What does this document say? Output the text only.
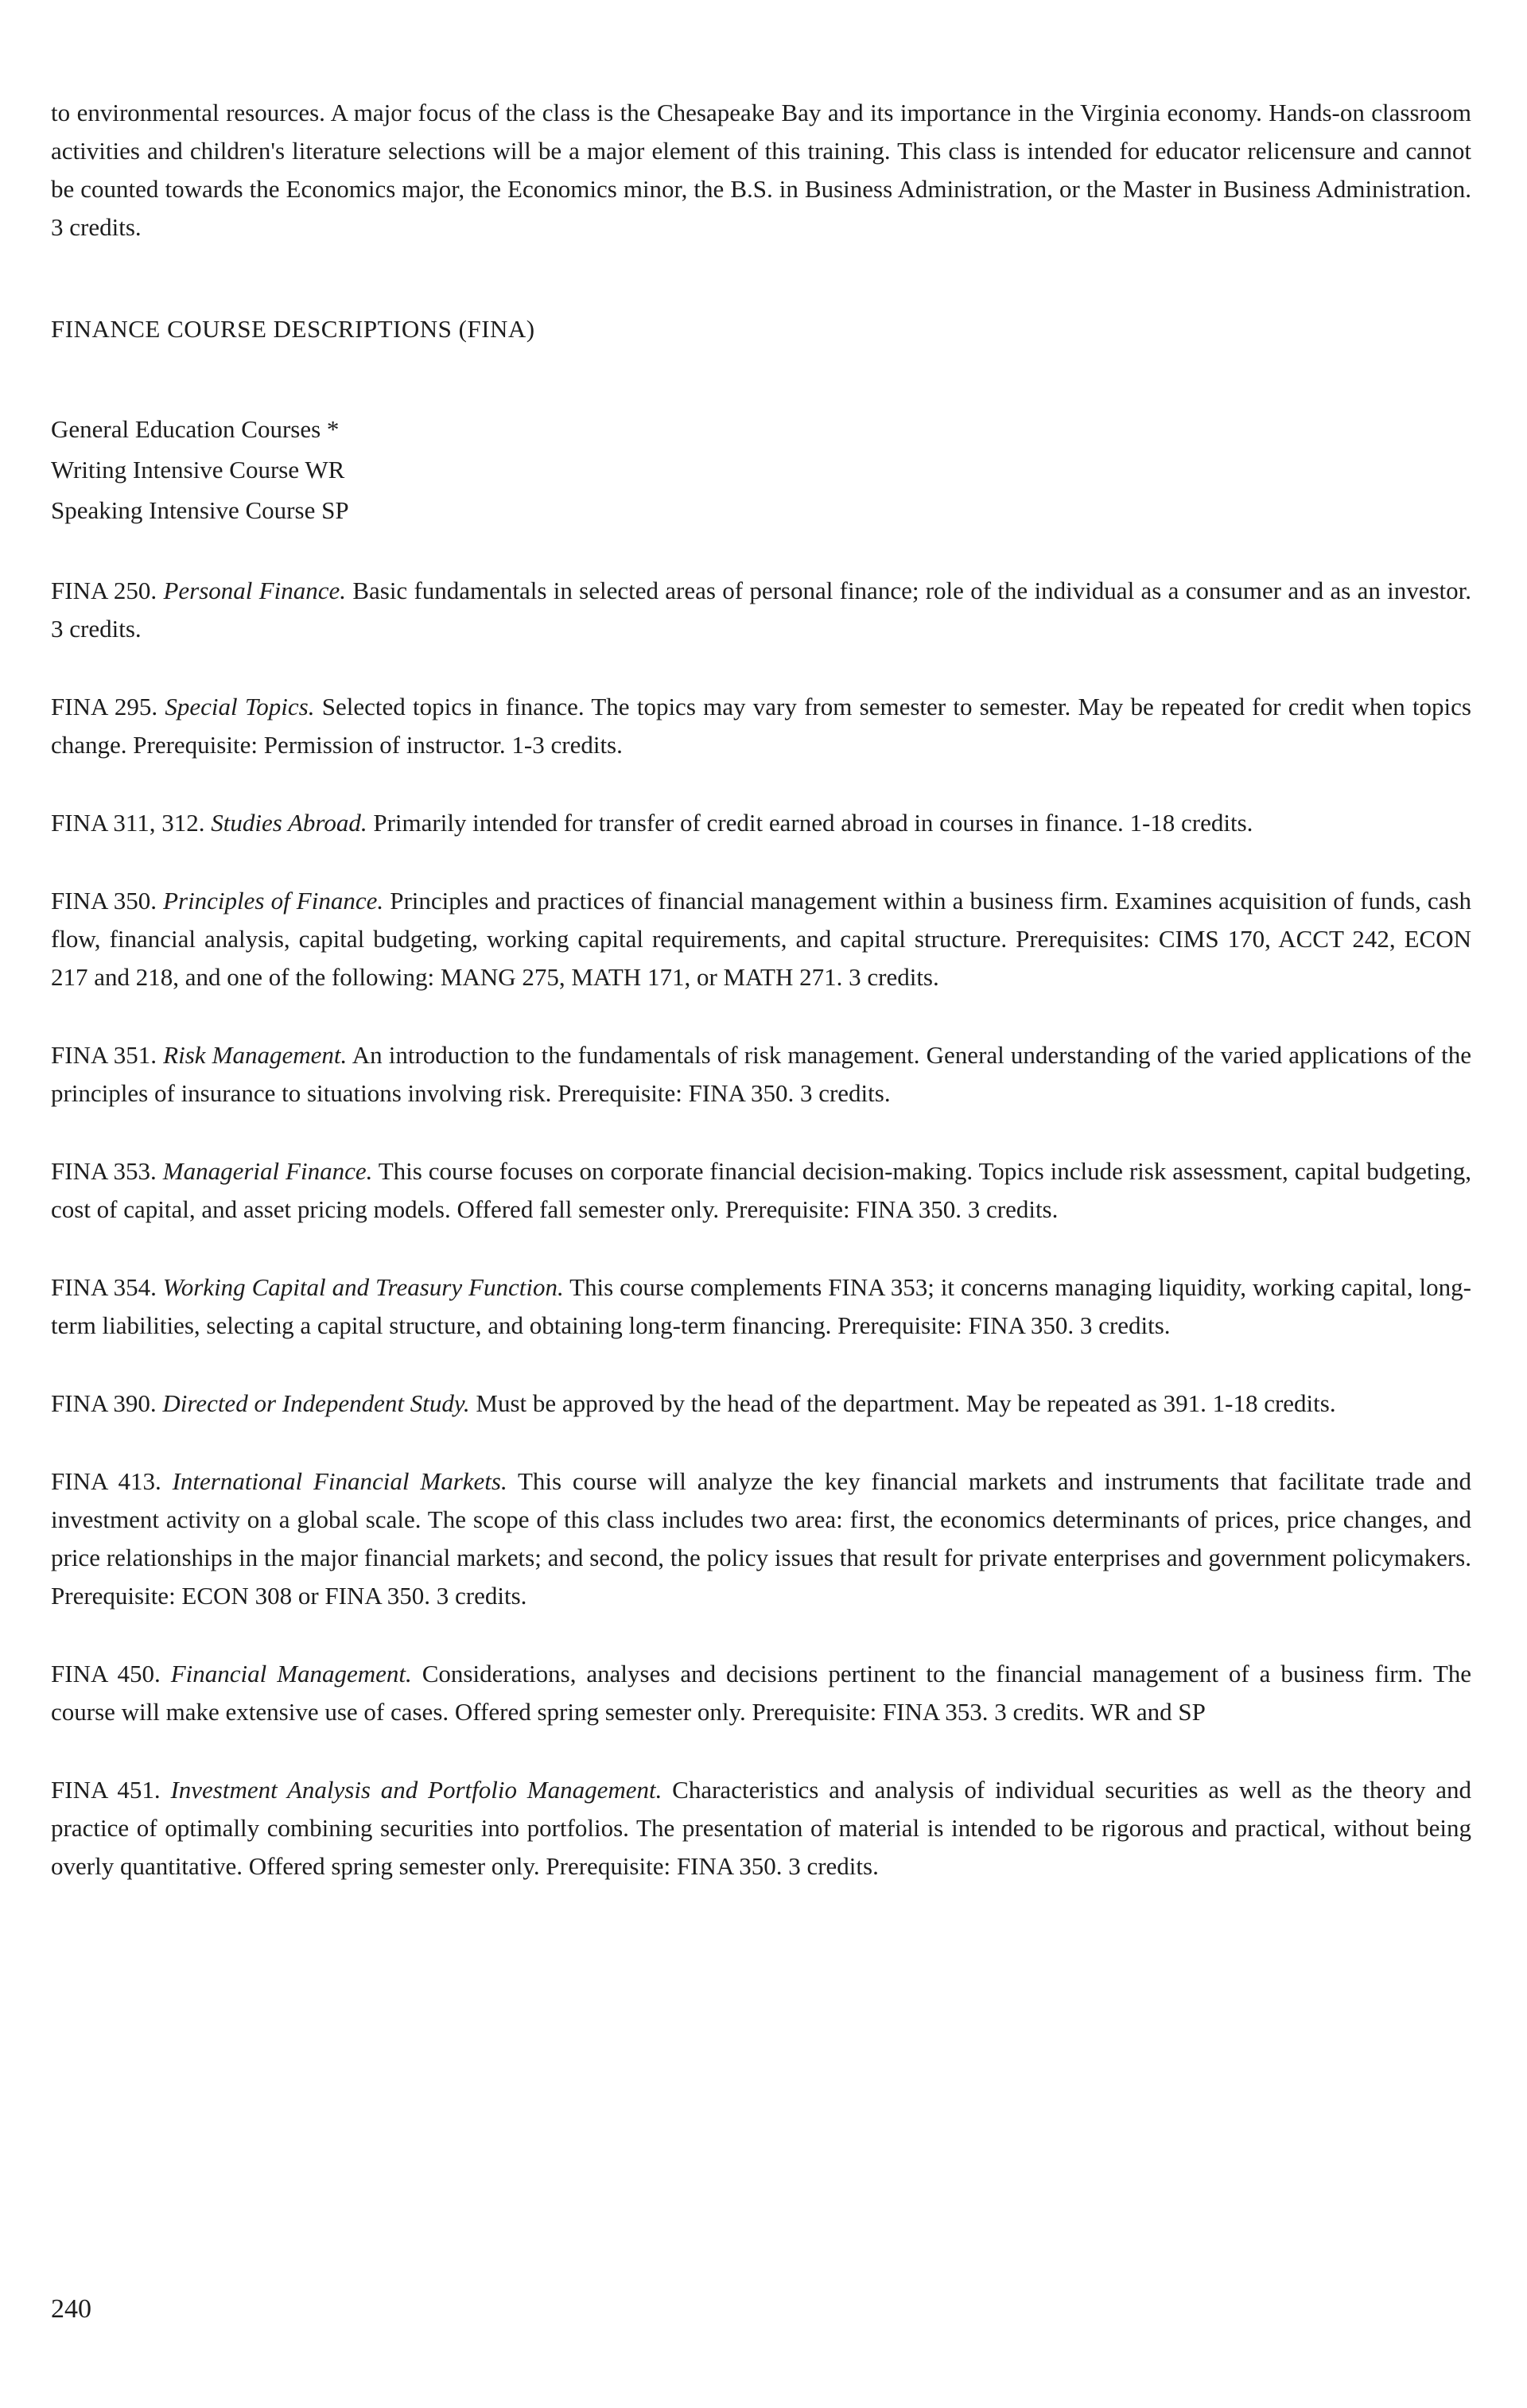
to environmental resources. A major focus of the class is the Chesapeake Bay and its importance in the Virginia economy. Hands-on classroom activities and children's literature selections will be a major element of this training. This class is intended for educator relicensure and cannot be counted towards the Economics major, the Economics minor, the B.S. in Business Administration, or the Master in Business Administration. 3 credits.

FINANCE COURSE DESCRIPTIONS (FINA)
General Education Courses *
Writing Intensive Course WR
Speaking Intensive Course SP

FINA 250. Personal Finance. Basic fundamentals in selected areas of personal finance; role of the individual as a consumer and as an investor. 3 credits.

FINA 295. Special Topics. Selected topics in finance. The topics may vary from semester to semester. May be repeated for credit when topics change. Prerequisite: Permission of instructor. 1-3 credits.

FINA 311, 312. Studies Abroad. Primarily intended for transfer of credit earned abroad in courses in finance. 1-18 credits.

FINA 350. Principles of Finance. Principles and practices of financial management within a business firm. Examines acquisition of funds, cash flow, financial analysis, capital budgeting, working capital requirements, and capital structure. Prerequisites: CIMS 170, ACCT 242, ECON 217 and 218, and one of the following: MANG 275, MATH 171, or MATH 271. 3 credits.

FINA 351. Risk Management. An introduction to the fundamentals of risk management. General understanding of the varied applications of the principles of insurance to situations involving risk. Prerequisite: FINA 350. 3 credits.

FINA 353. Managerial Finance. This course focuses on corporate financial decision-making. Topics include risk assessment, capital budgeting, cost of capital, and asset pricing models. Offered fall semester only. Prerequisite: FINA 350. 3 credits.

FINA 354. Working Capital and Treasury Function. This course complements FINA 353; it concerns managing liquidity, working capital, long-term liabilities, selecting a capital structure, and obtaining long-term financing. Prerequisite: FINA 350. 3 credits.

FINA 390. Directed or Independent Study. Must be approved by the head of the department. May be repeated as 391. 1-18 credits.

FINA 413. International Financial Markets. This course will analyze the key financial markets and instruments that facilitate trade and investment activity on a global scale. The scope of this class includes two area: first, the economics determinants of prices, price changes, and price relationships in the major financial markets; and second, the policy issues that result for private enterprises and government policymakers. Prerequisite: ECON 308 or FINA 350. 3 credits.

FINA 450. Financial Management. Considerations, analyses and decisions pertinent to the financial management of a business firm. The course will make extensive use of cases. Offered spring semester only. Prerequisite: FINA 353. 3 credits. WR and SP

FINA 451. Investment Analysis and Portfolio Management. Characteristics and analysis of individual securities as well as the theory and practice of optimally combining securities into portfolios. The presentation of material is intended to be rigorous and practical, without being overly quantitative. Offered spring semester only. Prerequisite: FINA 350. 3 credits.

240
